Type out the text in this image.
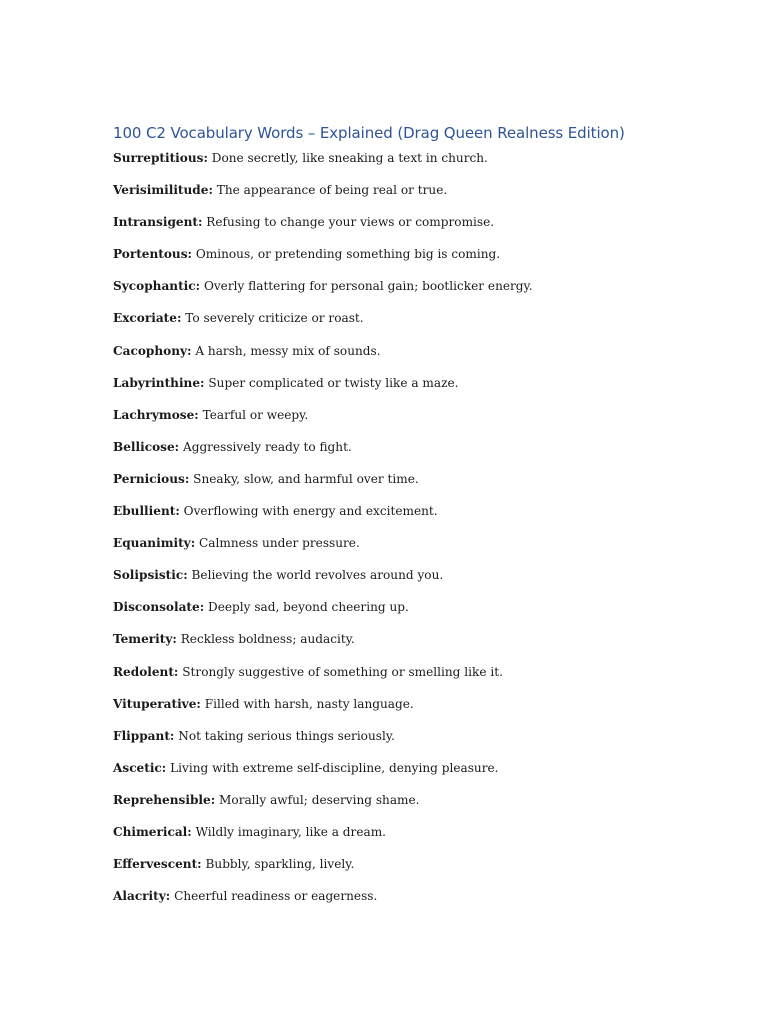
100 C2 Vocabulary Words – Explained (Drag Queen Realness Edition)
Surreptitious: Done secretly, like sneaking a text in church.
Verisimilitude: The appearance of being real or true.
Intransigent: Refusing to change your views or compromise.
Portentous: Ominous, or pretending something big is coming.
Sycophantic: Overly flattering for personal gain; bootlicker energy.
Excoriate: To severely criticize or roast.
Cacophony: A harsh, messy mix of sounds.
Labyrinthine: Super complicated or twisty like a maze.
Lachrymose: Tearful or weepy.
Bellicose: Aggressively ready to fight.
Pernicious: Sneaky, slow, and harmful over time.
Ebullient: Overflowing with energy and excitement.
Equanimity: Calmness under pressure.
Solipsistic: Believing the world revolves around you.
Disconsolate: Deeply sad, beyond cheering up.
Temerity: Reckless boldness; audacity.
Redolent: Strongly suggestive of something or smelling like it.
Vituperative: Filled with harsh, nasty language.
Flippant: Not taking serious things seriously.
Ascetic: Living with extreme self-discipline, denying pleasure.
Reprehensible: Morally awful; deserving shame.
Chimerical: Wildly imaginary, like a dream.
Effervescent: Bubbly, sparkling, lively.
Alacrity: Cheerful readiness or eagerness.
